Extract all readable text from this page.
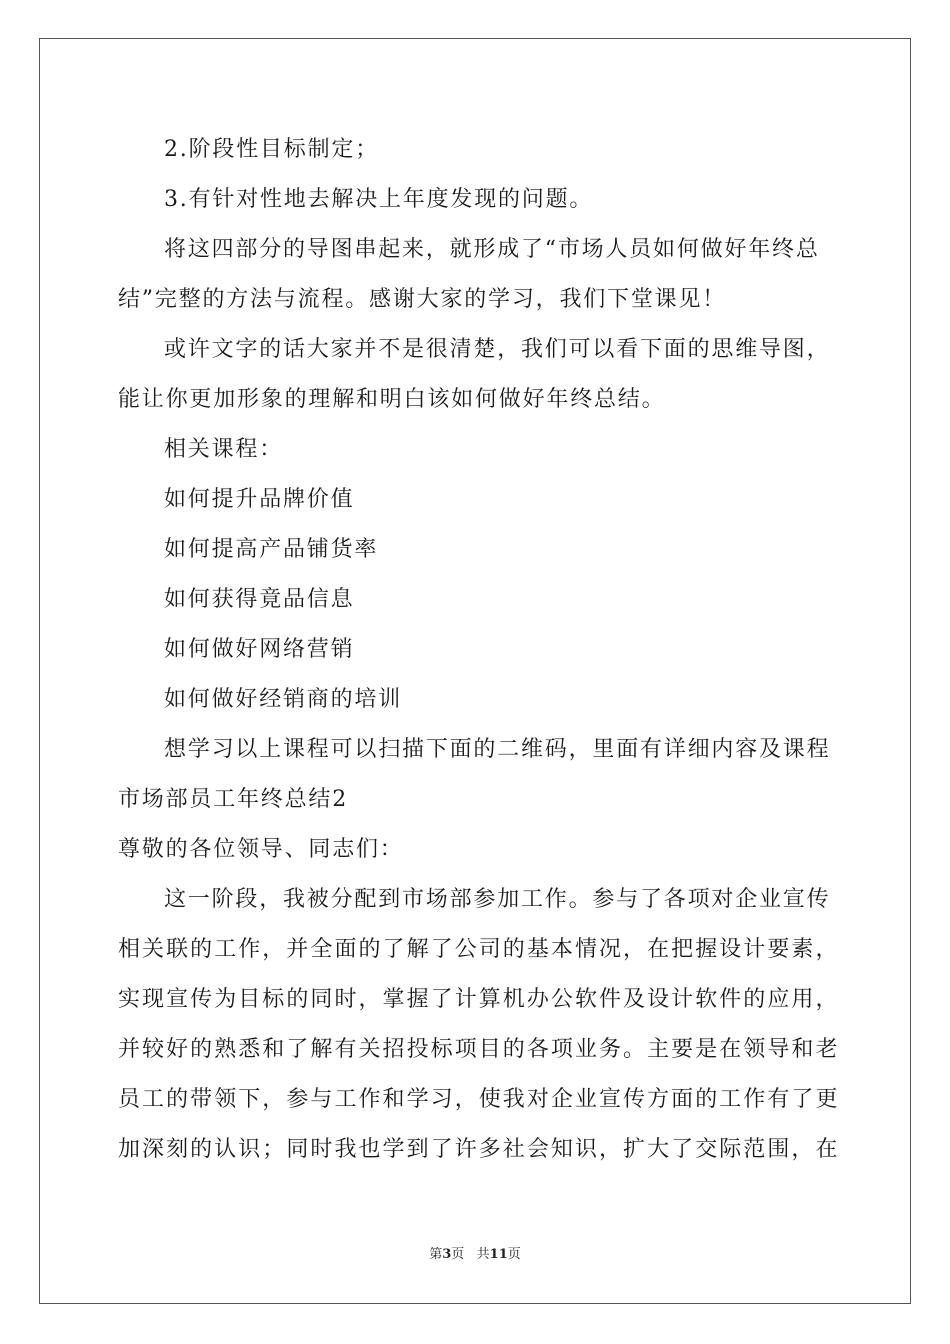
2.阶段性目标制定；
3.有针对性地去解决上年度发现的问题。
将这四部分的导图串起来，就形成了“市场人员如何做好年终总
结”完整的方法与流程。感谢大家的学习，我们下堂课见！
或许文字的话大家并不是很清楚，我们可以看下面的思维导图，
能让你更加形象的理解和明白该如何做好年终总结。
相关课程：
如何提升品牌价值
如何提高产品铺货率
如何获得竟品信息
如何做好网络营销
如何做好经销商的培训
想学习以上课程可以扫描下面的二维码，里面有详细内容及课程
市场部员工年终总结2
尊敬的各位领导、同志们：
这一阶段，我被分配到市场部参加工作。参与了各项对企业宣传
相关联的工作，并全面的了解了公司的基本情况，在把握设计要素，
实现宣传为目标的同时，掌握了计算机办公软件及设计软件的应用，
并较好的熟悉和了解有关招投标项目的各项业务。主要是在领导和老
员工的带领下，参与工作和学习，使我对企业宣传方面的工作有了更
加深刻的认识；同时我也学到了许多社会知识，扩大了交际范围，在
第3页   共11页
